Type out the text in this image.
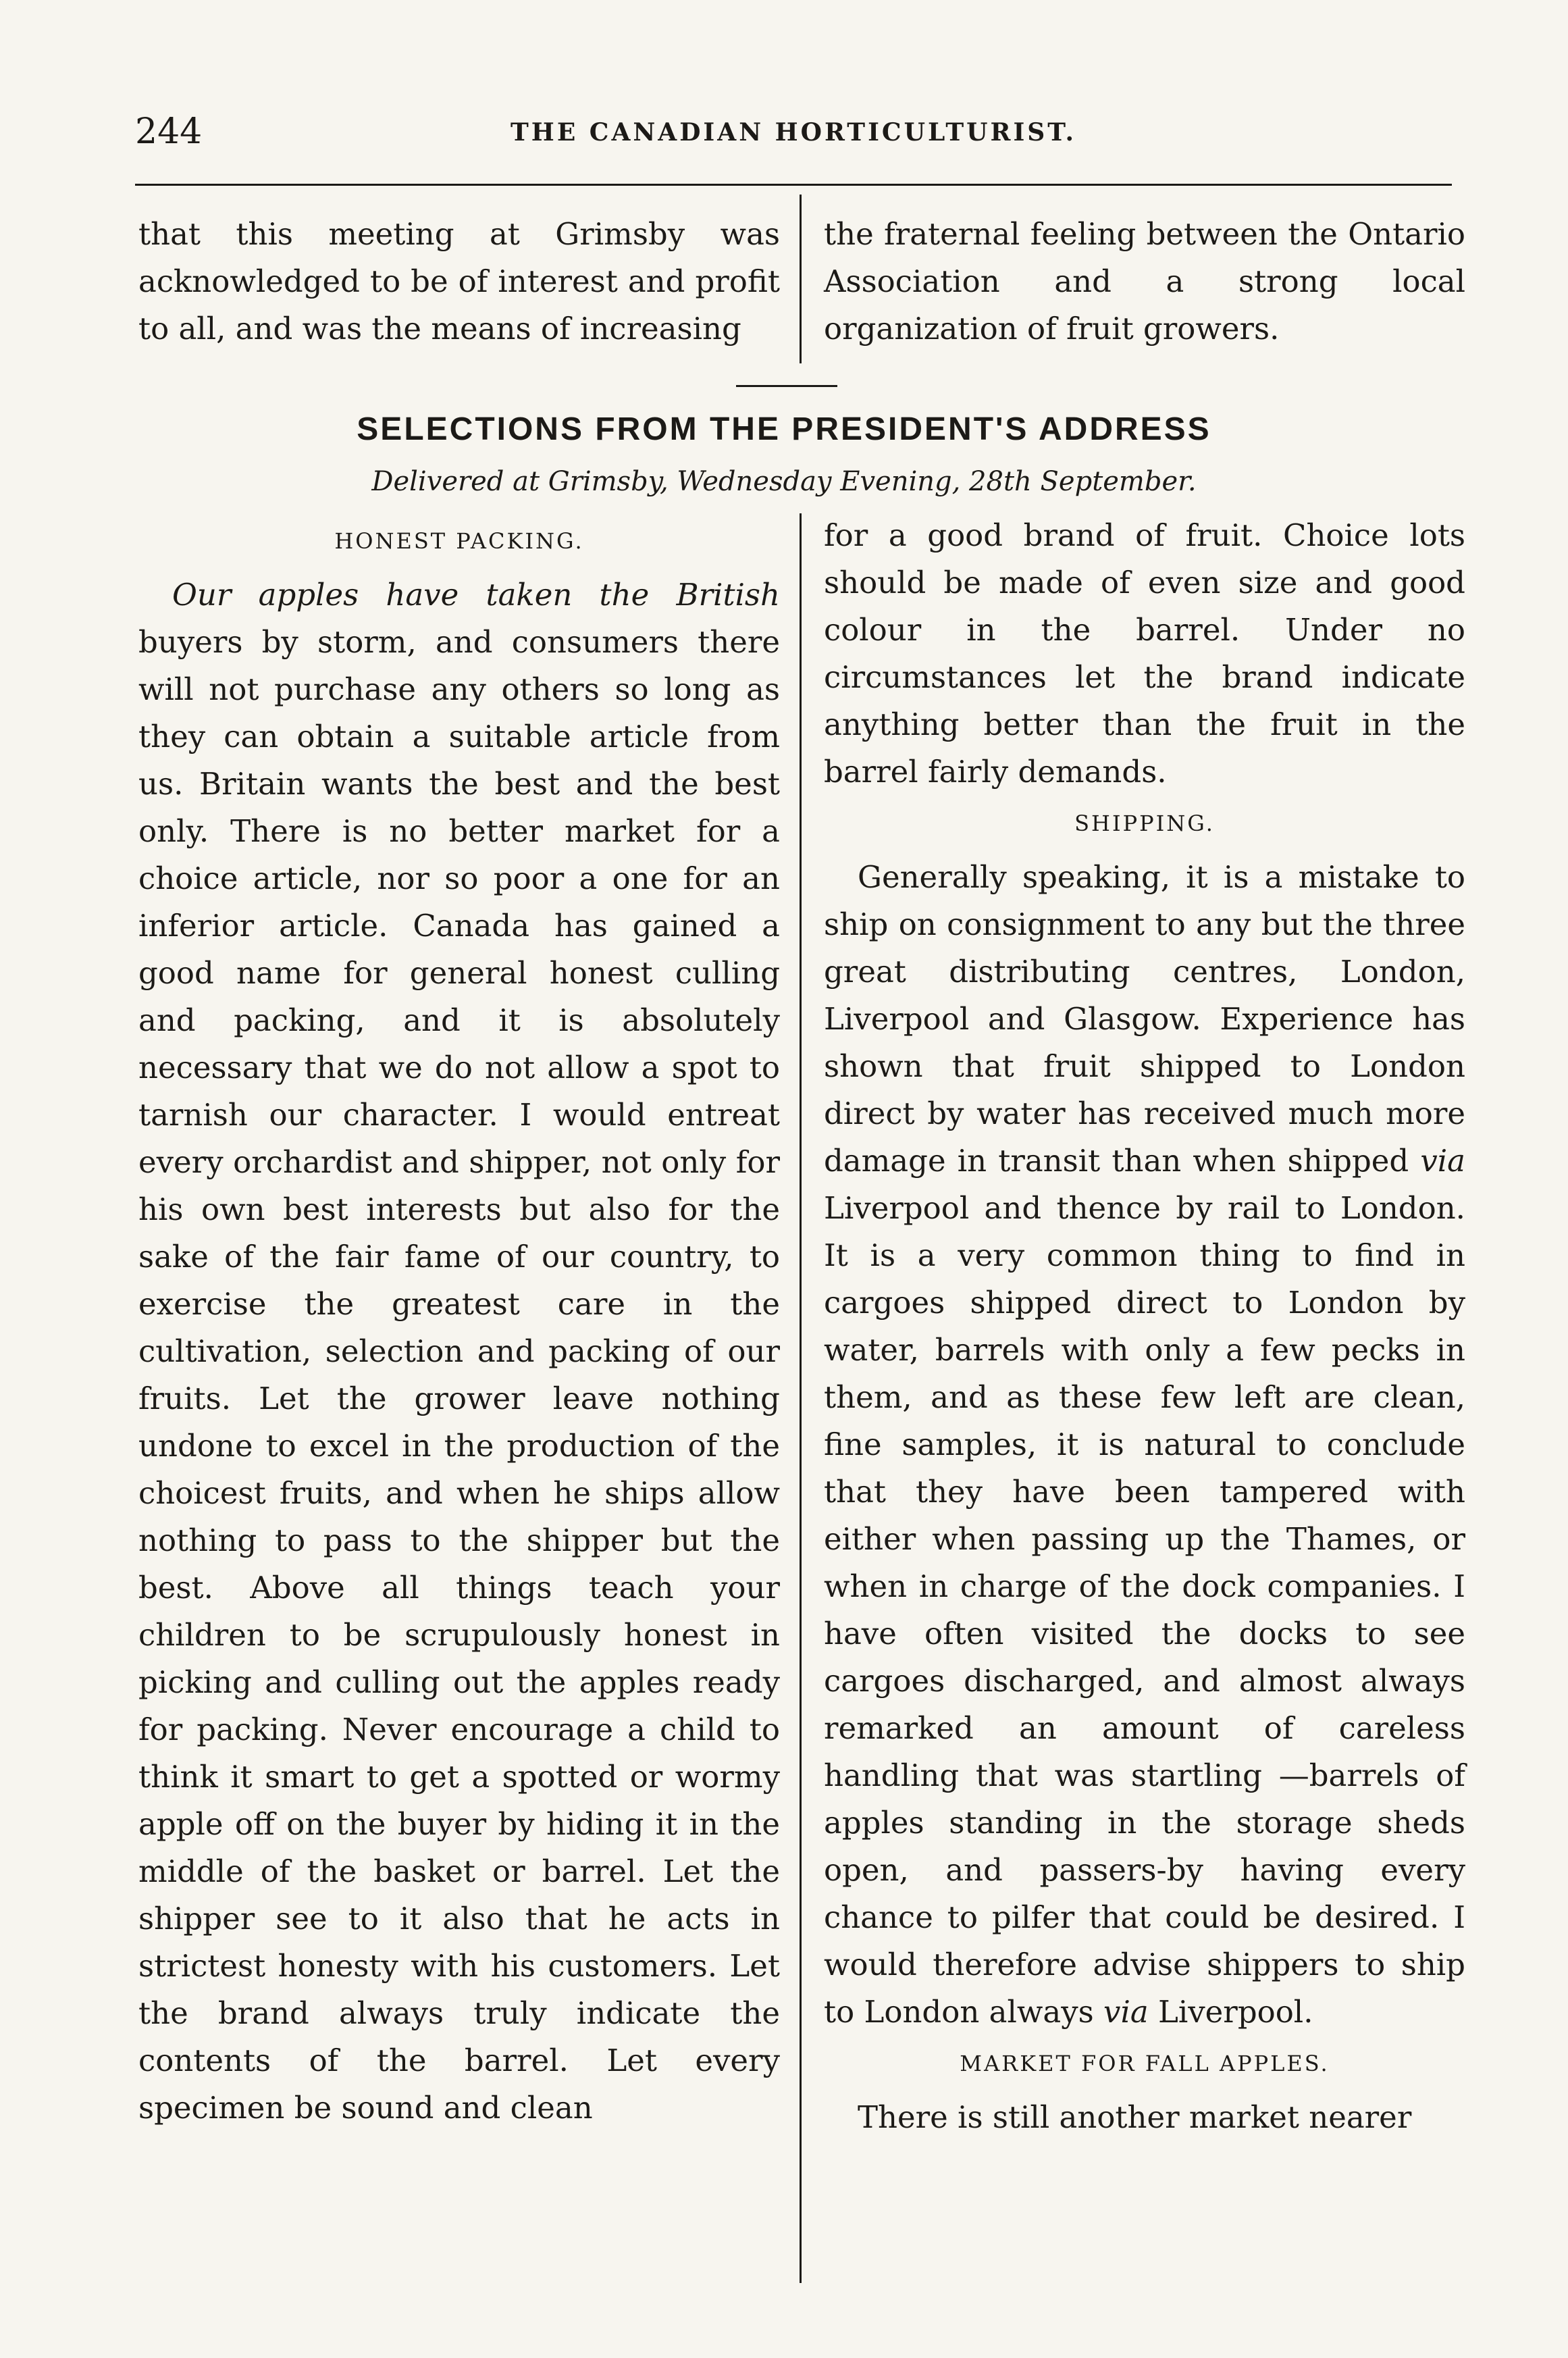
244	THE CANADIAN HORTICULTURIST.

that this meeting at Grimsby was acknowledged to be of interest and profit to all, and was the means of increasing

the fraternal feeling between the Ontario Association and a strong local organization of fruit growers.

SELECTIONS FROM THE PRESIDENT'S ADDRESS
Delivered at Grimsby, Wednesday Evening, 28th September.

HONEST PACKING.

Our apples have taken the British buyers by storm, and consumers there will not purchase any others so long as they can obtain a suitable article from us. Britain wants the best and the best only. There is no better market for a choice article, nor so poor a one for an inferior article. Canada has gained a good name for general honest culling and packing, and it is absolutely necessary that we do not allow a spot to tarnish our character. I would entreat every orchardist and shipper, not only for his own best interests but also for the sake of the fair fame of our country, to exercise the greatest care in the cultivation, selection and packing of our fruits. Let the grower leave nothing undone to excel in the production of the choicest fruits, and when he ships allow nothing to pass to the shipper but the best. Above all things teach your children to be scrupulously honest in picking and culling out the apples ready for packing. Never encourage a child to think it smart to get a spotted or wormy apple off on the buyer by hiding it in the middle of the basket or barrel. Let the shipper see to it also that he acts in strictest honesty with his customers. Let the brand always truly indicate the contents of the barrel. Let every specimen be sound and clean

for a good brand of fruit. Choice lots should be made of even size and good colour in the barrel. Under no circumstances let the brand indicate anything better than the fruit in the barrel fairly demands.

SHIPPING.

Generally speaking, it is a mistake to ship on consignment to any but the three great distributing centres, London, Liverpool and Glasgow. Experience has shown that fruit shipped to London direct by water has received much more damage in transit than when shipped via Liverpool and thence by rail to London. It is a very common thing to find in cargoes shipped direct to London by water, barrels with only a few pecks in them, and as these few left are clean, fine samples, it is natural to conclude that they have been tampered with either when passing up the Thames, or when in charge of the dock companies. I have often visited the docks to see cargoes discharged, and almost always remarked an amount of careless handling that was startling —barrels of apples standing in the storage sheds open, and passers-by having every chance to pilfer that could be desired. I would therefore advise shippers to ship to London always via Liverpool.

MARKET FOR FALL APPLES.

There is still another market nearer
